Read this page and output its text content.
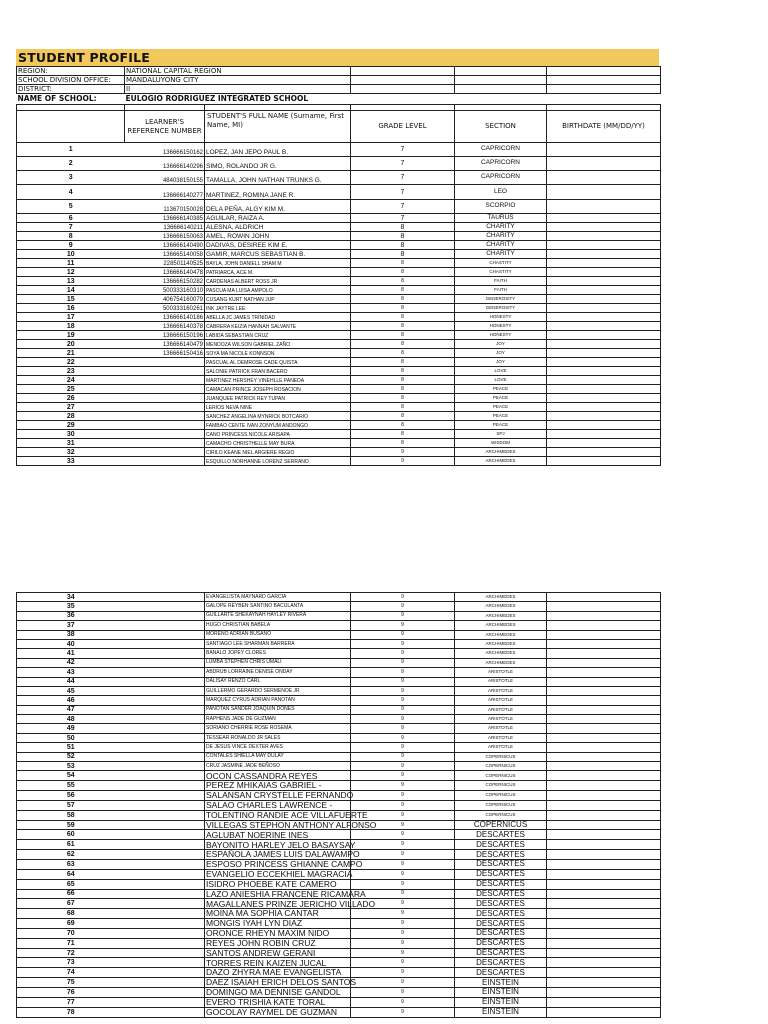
STUDENT PROFILE
REGION:	NATIONAL CAPITAL REGION			
SCHOOL DIVISION OFFICE:	MANDALUYONG CITY			
DISTRICT:	II			
NAME OF SCHOOL:	EULOGIO RODRIGUEZ INTEGRATED SCHOOL			

	LEARNER'S REFERENCE NUMBER	STUDENT'S FULL NAME (Surname, First Name, MI)	GRADE LEVEL	SECTION	BIRTHDATE (MM/DD/YY)
1	136666150162	LOPEZ, JAN JEPO PAUL B.	7	CAPRICORN	
2	136666140296	SIMO, ROLANDO JR G.	7	CAPRICORN	
3	484038150155	TAMALLA, JOHN NATHAN TRUNKS G.	7	CAPRICORN	
4	136666140277	MARTINEZ, ROMINA JANE R.	7	LEO	
5	113670150028	DELA PEÑA, ALGY KIM M.	7	SCORPIO	
6	136666140385	AGUILAR, RAIZA A.	7	TAURUS	
7	136666140211	ALESNA, ALDRICH	8	CHARITY	
8	136666150063	AMEL, ROWIN JOHN	8	CHARITY	
9	136666140490	DADIVAS, DESIREE KIM E.	8	CHARITY	
10	136665140058	GAMIR, MARCUS SEBASTIAN B.	8	CHARITY	
11	228501140525	BAYLA, JOHN DANIELL SHAM M	8	CHASTITY	
12	136666140478	PATRIARCA, ACE M.	8	CHASTITY	
13	136666150282	CARDENAS ALBERT ROSS JR	8	FAITH	
14	500333160310	PASCUA MA LUISA AMPOLO	8	FAITH	
15	406754160079	CUSANG KURT NATHAN JUP	8	GENEROSITY	
16	500333160261	INK JAYTRE LEE	8	GENEROSITY	
17	136666140186	ABELLA JC JAMES TRINIDAD	8	HONESTY	
18	136666140378	CABRERA KEIZIA HANNAH SALVANTE	8	HONESTY	
19	136666150196	LABIDA SEBASTIAN CRUZ	8	HONESTY	
20	136666140479	MENDOZA WILSON GABRIEL ZAÑO	8	JOY	
21	136666150416	SOYA MA NICOLE KONNSON	8	JOY	
22		PASCUAL AL DEMROSE CADE QUISTA	8	JOY	
23		SALONIE PATRICK FRAN BACERO	8	LOVE	
24		MARTINEZ HERSHEY VINEHLLE PANEDA	8	LOVE	
25		CAMACAN PRINCE JOSEPH ROSACION	8	PEACE	
26		JUANQUEE PATRICK REY TUPAN	8	PEACE	
27		LERIOS NEVA NINE	8	PEACE	
28		SANCHEZ ANGELINA MYNRICK BOTCARIO	8	PEACE	
29		FAMBAO CENTE IVAN ZONYUM ANDONGO	8	PEACE	
30		CANO PRINCESS NICOLE ARISAPA	8	SPJ	
31		CAMACHO CHRISTHELLE MAY BURA	8	WISDOM	
32		CIRILO KEANE NIEL ARGIERE REGIO	9	ARCHIMEDES	
33		ESQUILLO NORHANNE LORENZ SERRANO	9	ARCHIMEDES	
34		EVANGELISTA MAYNARD GARCIA	9	ARCHIMEDES	
35		GALOPE REYBEN SANTINO BACULANTA	9	ARCHIMEDES	
36		GUILLARTE SHEKAYNAH HAYLEY RIVERA	9	ARCHIMEDES	
37		HUGO CHRISTIAN BABELA	9	ARCHIMEDES	
38		MORENO ADRIAN BUSANO	9	ARCHIMEDES	
40		SANTIAGO LEE SHARMAN BARRERA	9	ARCHIMEDES	
41		BANALO JOPEY CLORES	9	ARCHIMEDES	
42		LUMBA STEPHEN CHRIS UMALI	9	ARCHIMEDES	
43		ABDRUB LORRAINE DENISE ONDAY	9	ARISTOTLE	
44		DALISAY RENZO CARL	9	ARISTOTLE	
45		GUILLERMO GERARDO SERMENOE JR	9	ARISTOTLE	
46		MARQUEZ CYRUS ADRIAN PANOTAN	9	ARISTOTLE	
47		PANOTAN SANDER JOAQUIN DONES	9	ARISTOTLE	
48		RAPHENS JADE DE GUZMAN	9	ARISTOTLE	
49		SORIANO CHERRIE ROSE ROSEMA	9	ARISTOTLE	
50		TESSEAR RONALDO JR SALES	9	ARISTOTLE	
51		DE JESUS VINCE DEXTER AVES	9	ARISTOTLE	
52		CONTALES SHIELLA MAY DULAY	9	COPERNICUS	
53		CRUZ JASMINE JADE BEÑOSO	9	COPERNICUS	
54		OCON CASSANDRA REYES	9	COPERNICUS	
55		PEREZ MHIKAIAS GABRIEL -	9	COPERNICUS	
56		SALANSAN CRYSTELLE FERNANDO	9	COPERNICUS	
57		SALAO CHARLES LAWRENCE -	9	COPERNICUS	
58		TOLENTINO RANDIE ACE VILLAFUERTE	9	COPERNICUS	
59		VILLEGAS STEPHON ANTHONY ALFONSO	9	COPERNICUS	
60		AGLUBAT NOERINE INES	9	DESCARTES	
61		BAYONITO HARLEY JELO BASAYSAY	9	DESCARTES	
62		ESPAÑOLA JAMES LUIS DALAWAMPO	9	DESCARTES	
63		ESPOSO PRINCESS GHIANNE CAMPO	9	DESCARTES	
64		EVANGELIO ECCEKHIEL MAGRACIA	9	DESCARTES	
65		ISIDRO PHOEBE KATE CAMERO	9	DESCARTES	
66		LAZO ANIESHIA FRANCENE RICAMARA	9	DESCARTES	
67		MAGALLANES PRINZE JERICHO VILLADO	9	DESCARTES	
68		MOINA MA SOPHIA CANTAR	9	DESCARTES	
69		MONGIS IYAH LYN DIAZ	9	DESCARTES	
70		ORONCE RHEYN MAXIM NIDO	9	DESCARTES	
71		REYES JOHN ROBIN CRUZ	9	DESCARTES	
72		SANTOS ANDREW GERANI	9	DESCARTES	
73		TORRES REIN KAIZEN JUCAL	9	DESCARTES	
74		DAZO ZHYRA MAE EVANGELISTA	9	DESCARTES	
75		DAEZ ISAIAH ERICH DELOS SANTOS	9	EINSTEIN	
76		DOMINGO MA DENNISE GANDOL	9	EINSTEIN	
77		EVERO TRISHIA KATE TORAL	9	EINSTEIN	
78		GOCOLAY RAYMEL DE GUZMAN	9	EINSTEIN	
